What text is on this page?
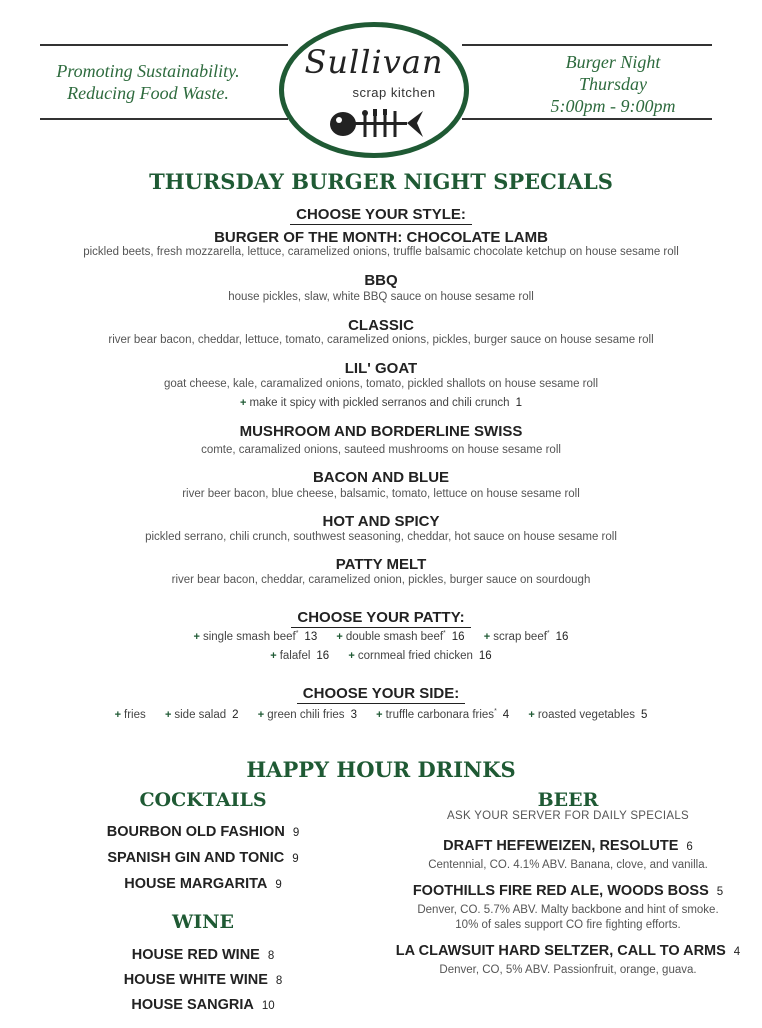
Promoting Sustainability.
Reducing Food Waste.
Sullivan
scrap kitchen
Burger Night
Thursday
5:00pm - 9:00pm
THURSDAY BURGER NIGHT SPECIALS
CHOOSE YOUR STYLE:
BURGER OF THE MONTH: CHOCOLATE LAMB
pickled beets, fresh mozzarella, lettuce, caramelized onions, truffle balsamic chocolate ketchup on house sesame roll
BBQ
house pickles, slaw, white BBQ sauce on house sesame roll
CLASSIC
river bear bacon, cheddar, lettuce, tomato, caramelized onions, pickles, burger sauce on house sesame roll
LIL' GOAT
goat cheese, kale, caramalized onions, tomato, pickled shallots on house sesame roll
+ make it spicy with pickled serranos and chili crunch 1
MUSHROOM AND BORDERLINE SWISS
comte, caramalized onions, sauteed mushrooms on house sesame roll
BACON AND BLUE
river beer bacon, blue cheese, balsamic, tomato, lettuce on house sesame roll
HOT AND SPICY
pickled serrano, chili crunch, southwest seasoning, cheddar, hot sauce on house sesame roll
PATTY MELT
river bear bacon, cheddar, caramelized onion, pickles, burger sauce on sourdough
CHOOSE YOUR PATTY:
+ single smash beef* 13 + double smash beef* 16 + scrap beef* 16
+ falafel 16 + cornmeal fried chicken 16
CHOOSE YOUR SIDE:
+ fries + side salad 2 + green chili fries 3 + truffle carbonara fries* 4 + roasted vegetables 5
HAPPY HOUR DRINKS
COCKTAILS
BOURBON OLD FASHION 9
SPANISH GIN AND TONIC 9
HOUSE MARGARITA 9
WINE
HOUSE RED WINE 8
HOUSE WHITE WINE 8
HOUSE SANGRIA 10
BEER
ASK YOUR SERVER FOR DAILY SPECIALS
DRAFT HEFEWEIZEN, RESOLUTE 6
Centennial, CO. 4.1% ABV. Banana, clove, and vanilla.
FOOTHILLS FIRE RED ALE, WOODS BOSS 5
Denver, CO. 5.7% ABV. Malty backbone and hint of smoke.
10% of sales support CO fire fighting efforts.
LA CLAWSUIT HARD SELTZER, CALL TO ARMS 4
Denver, CO, 5% ABV. Passionfruit, orange, guava.
